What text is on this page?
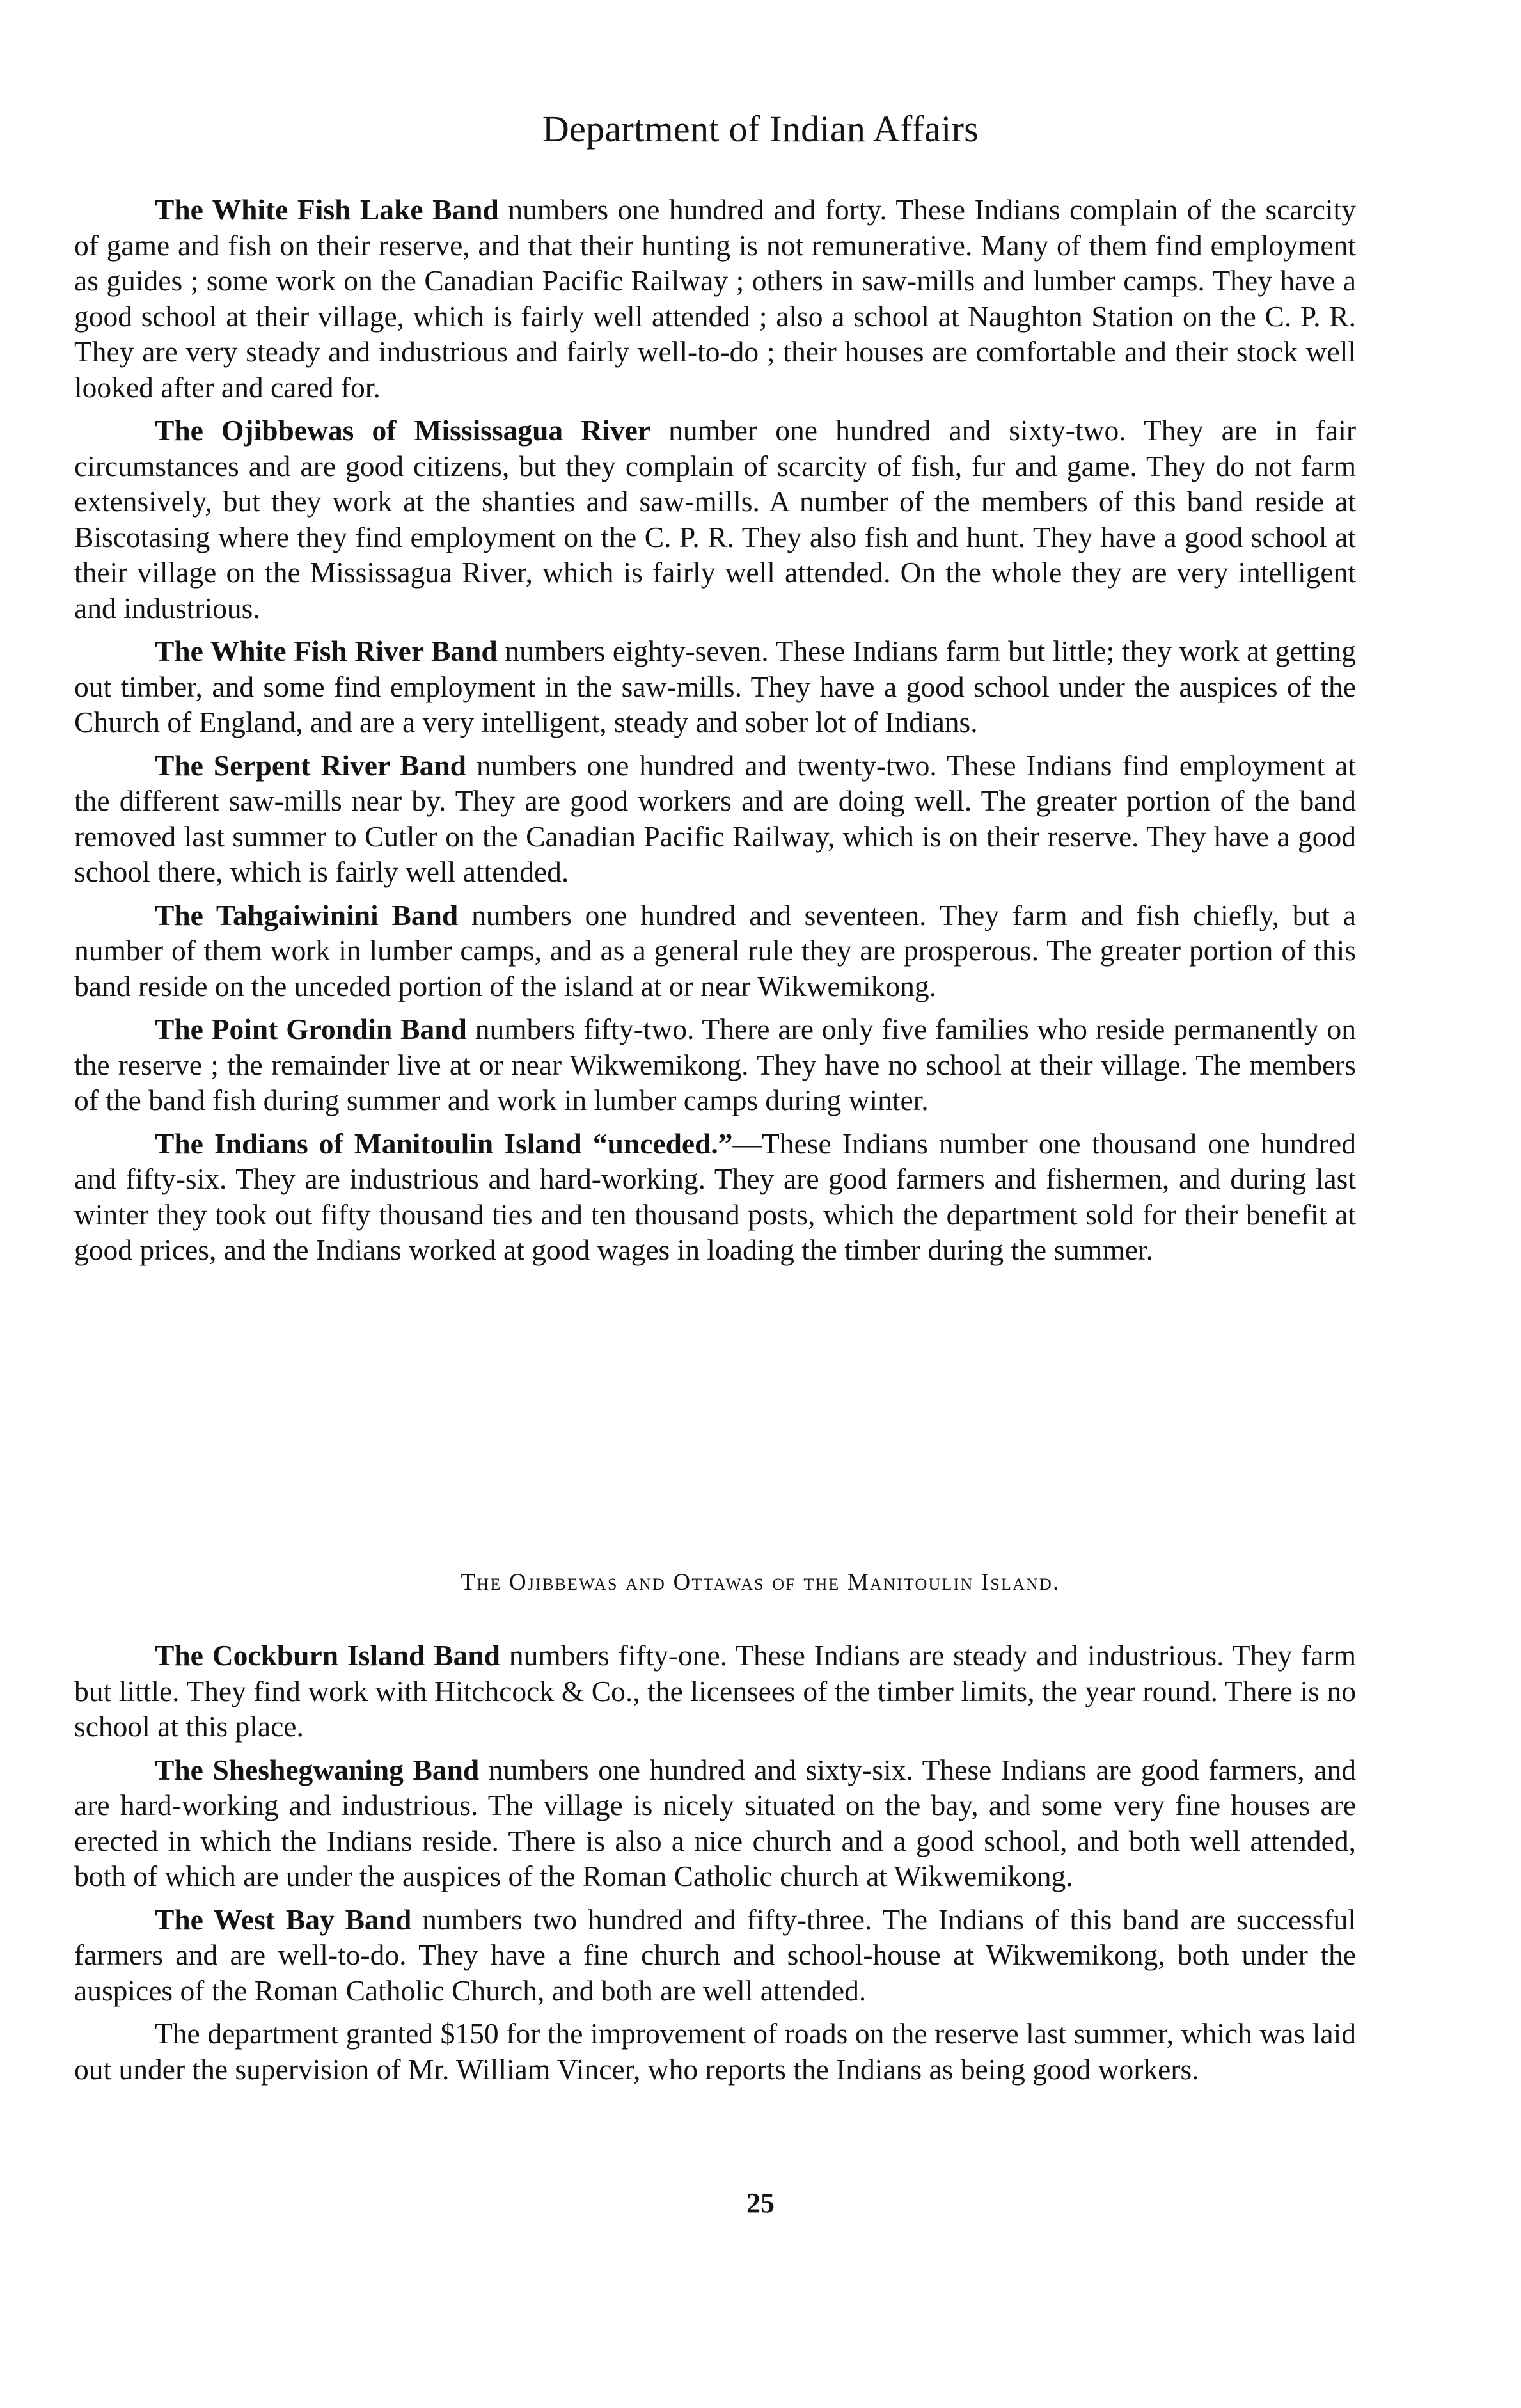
Department of Indian Affairs

The White Fish Lake Band numbers one hundred and forty. These Indians complain of the scarcity of game and fish on their reserve, and that their hunting is not remunerative. Many of them find employment as guides ; some work on the Canadian Pacific Railway ; others in saw-mills and lumber camps. They have a good school at their village, which is fairly well attended ; also a school at Naughton Station on the C. P. R. They are very steady and industrious and fairly well-to-do ; their houses are comfortable and their stock well looked after and cared for.

The Ojibbewas of Mississagua River number one hundred and sixty-two. They are in fair circumstances and are good citizens, but they complain of scarcity of fish, fur and game. They do not farm extensively, but they work at the shanties and saw-mills. A number of the members of this band reside at Biscotasing where they find employment on the C. P. R. They also fish and hunt. They have a good school at their village on the Mississagua River, which is fairly well attended. On the whole they are very intelligent and industrious.

The White Fish River Band numbers eighty-seven. These Indians farm but little; they work at getting out timber, and some find employment in the saw-mills. They have a good school under the auspices of the Church of England, and are a very intelligent, steady and sober lot of Indians.

The Serpent River Band numbers one hundred and twenty-two. These Indians find employment at the different saw-mills near by. They are good workers and are doing well. The greater portion of the band removed last summer to Cutler on the Canadian Pacific Railway, which is on their reserve. They have a good school there, which is fairly well attended.

The Tahgaiwinini Band numbers one hundred and seventeen. They farm and fish chiefly, but a number of them work in lumber camps, and as a general rule they are prosperous. The greater portion of this band reside on the unceded portion of the island at or near Wikwemikong.

The Point Grondin Band numbers fifty-two. There are only five families who reside permanently on the reserve ; the remainder live at or near Wikwemikong. They have no school at their village. The members of the band fish during summer and work in lumber camps during winter.

The Indians of Manitoulin Island “unceded.”—These Indians number one thousand one hundred and fifty-six. They are industrious and hard-working. They are good farmers and fishermen, and during last winter they took out fifty thousand ties and ten thousand posts, which the department sold for their benefit at good prices, and the Indians worked at good wages in loading the timber during the summer.

The Ojibbewas and Ottawas of the Manitoulin Island.

The Cockburn Island Band numbers fifty-one. These Indians are steady and industrious. They farm but little. They find work with Hitchcock & Co., the licensees of the timber limits, the year round. There is no school at this place.

The Sheshegwaning Band numbers one hundred and sixty-six. These Indians are good farmers, and are hard-working and industrious. The village is nicely situated on the bay, and some very fine houses are erected in which the Indians reside. There is also a nice church and a good school, and both well attended, both of which are under the auspices of the Roman Catholic church at Wikwemikong.

The West Bay Band numbers two hundred and fifty-three. The Indians of this band are successful farmers and are well-to-do. They have a fine church and school-house at Wikwemikong, both under the auspices of the Roman Catholic Church, and both are well attended.

The department granted $150 for the improvement of roads on the reserve last summer, which was laid out under the supervision of Mr. William Vincer, who reports the Indians as being good workers.

25
